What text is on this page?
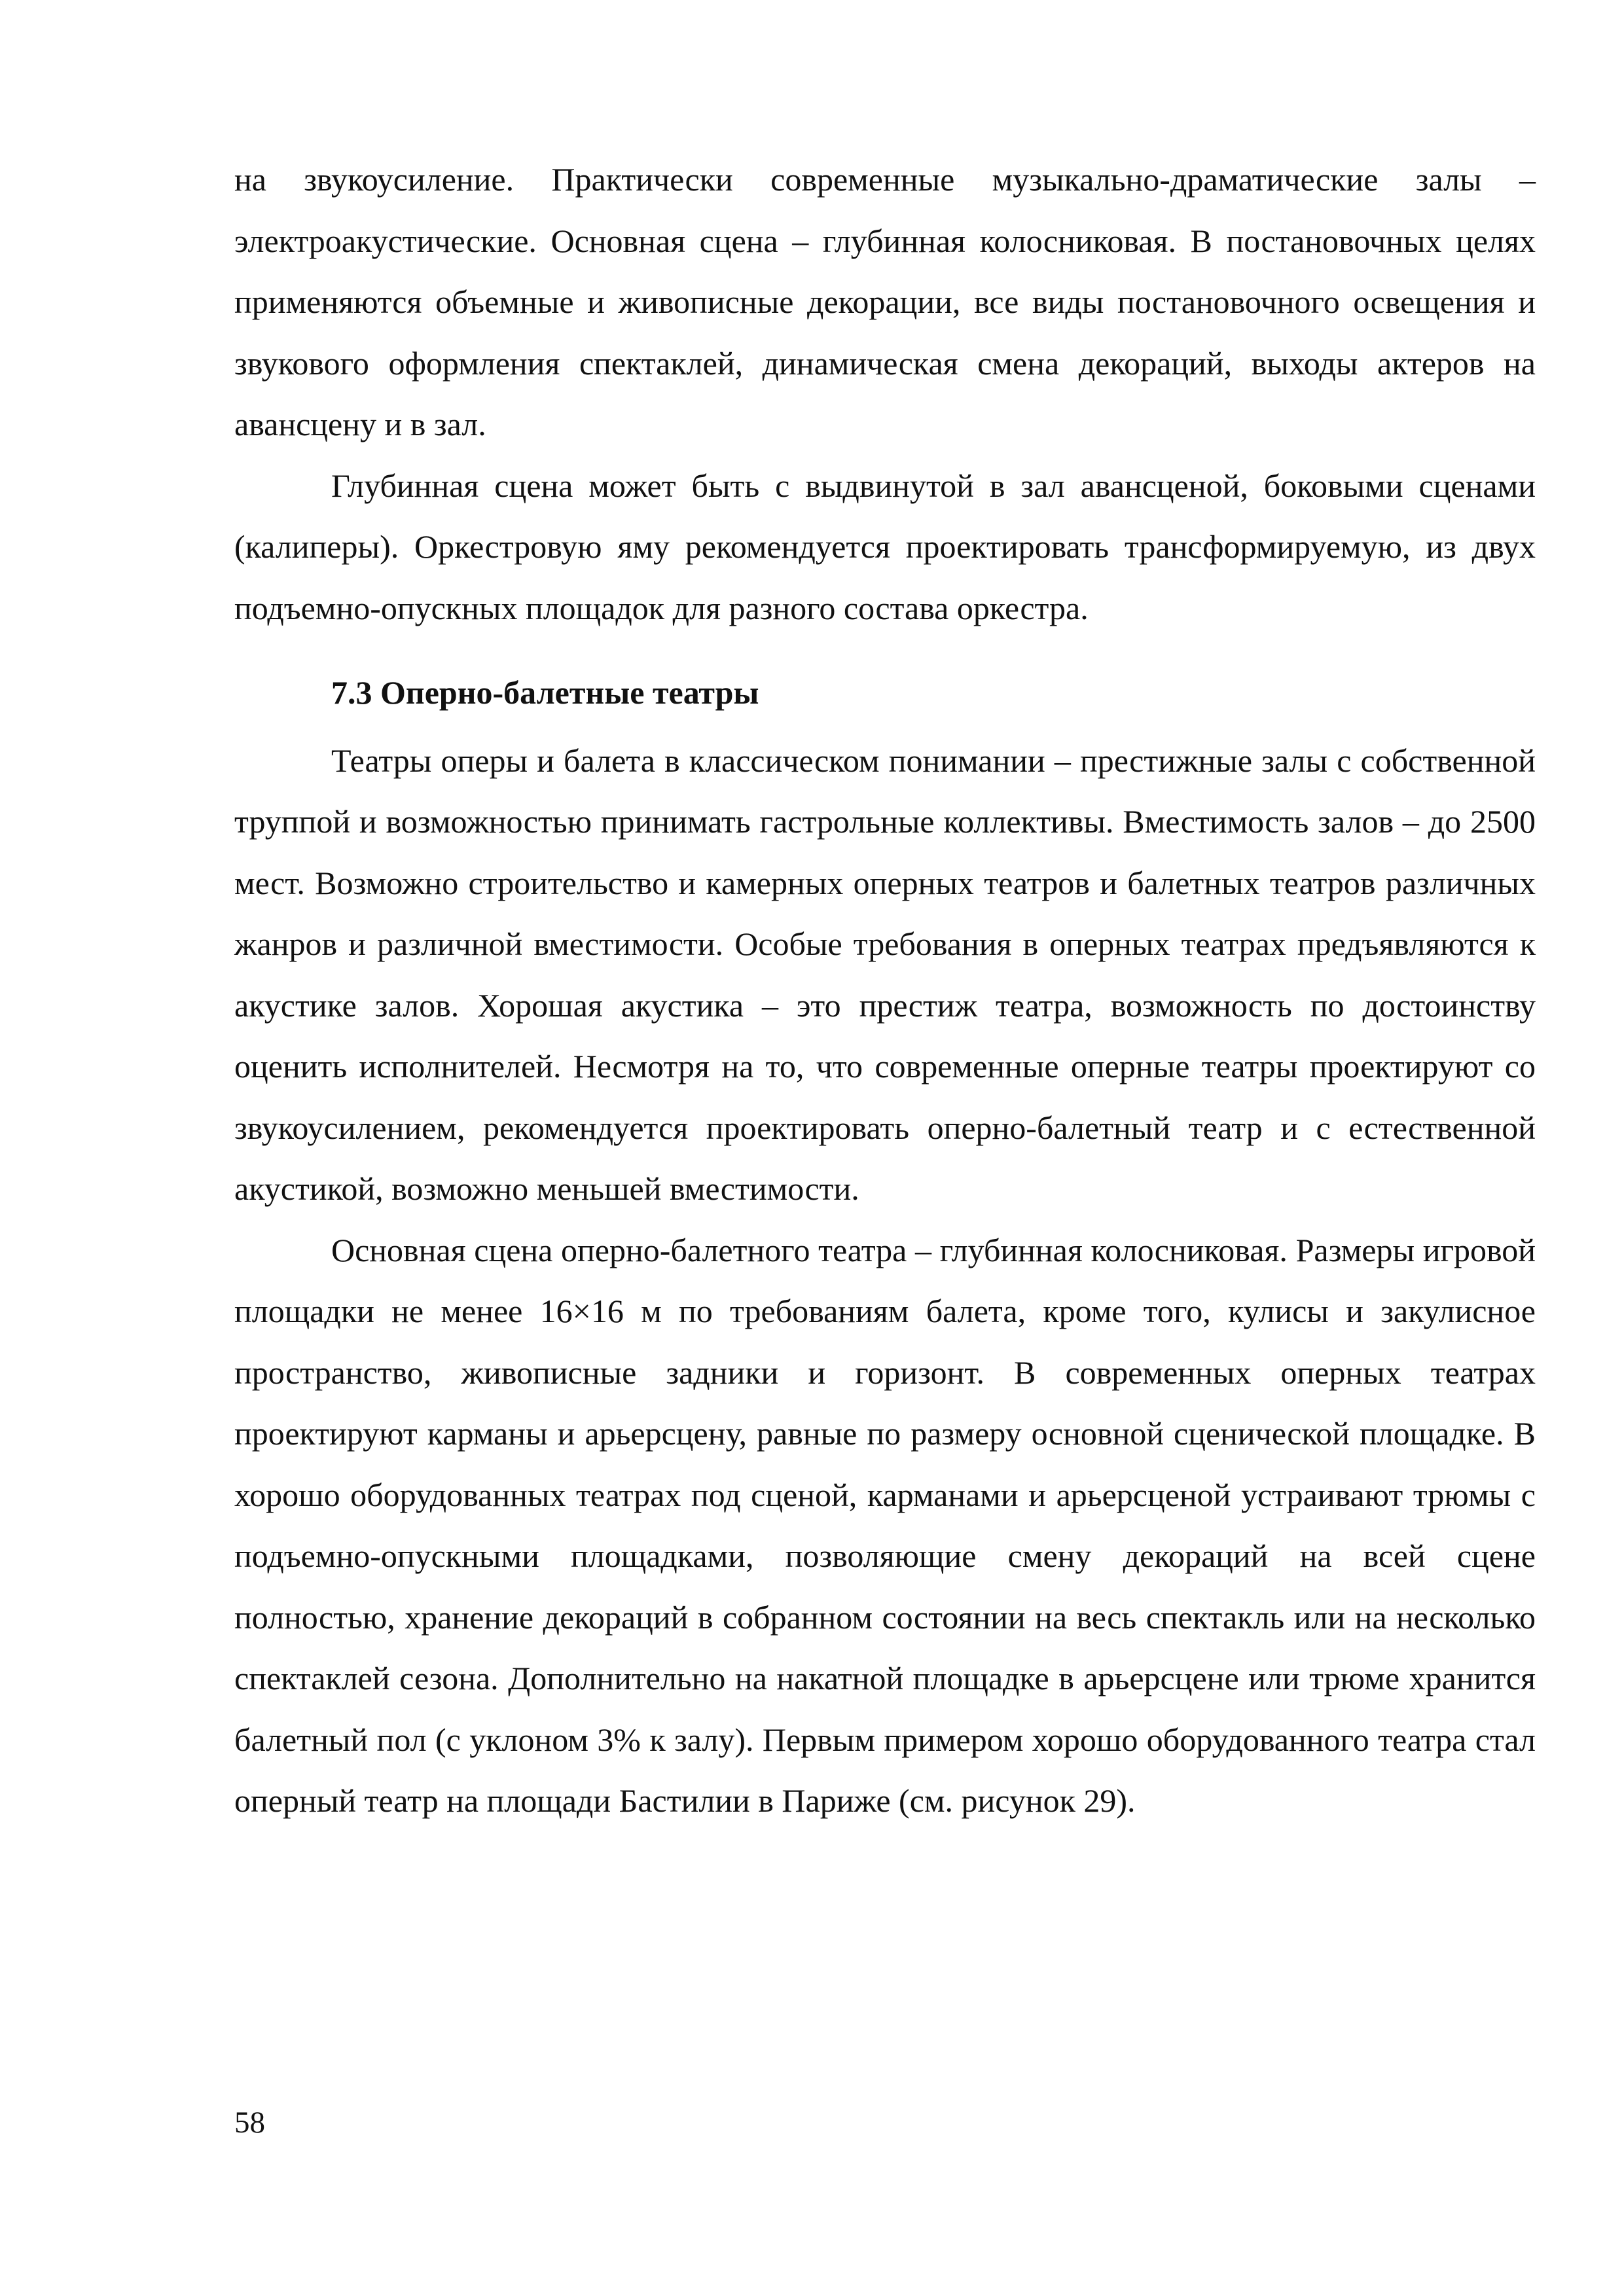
на звукоусиление. Практически современные музыкально-драматические залы – электроакустические. Основная сцена – глубинная колосниковая. В постановочных целях применяются объемные и живописные декорации, все виды постановочного освещения и звукового оформления спектаклей, динамическая смена декораций, выходы актеров на авансцену и в зал.

Глубинная сцена может быть с выдвинутой в зал авансценой, боковыми сценами (калиперы). Оркестровую яму рекомендуется проектировать трансформируемую, из двух подъемно-опускных площадок для разного состава оркестра.

7.3 Оперно-балетные театры

Театры оперы и балета в классическом понимании – престижные залы с собственной труппой и возможностью принимать гастрольные коллективы. Вместимость залов – до 2500 мест. Возможно строительство и камерных оперных театров и балетных театров различных жанров и различной вместимости. Особые требования в оперных театрах предъявляются к акустике залов. Хорошая акустика – это престиж театра, возможность по достоинству оценить исполнителей. Несмотря на то, что современные оперные театры проектируют со звукоусилением, рекомендуется проектировать оперно-балетный театр и с естественной акустикой, возможно меньшей вместимости.

Основная сцена оперно-балетного театра – глубинная колосниковая. Размеры игровой площадки не менее 16×16 м по требованиям балета, кроме того, кулисы и закулисное пространство, живописные задники и горизонт. В современных оперных театрах проектируют карманы и арьерсцену, равные по размеру основной сценической площадке. В хорошо оборудованных театрах под сценой, карманами и арьерсценой устраивают трюмы с подъемно-опускными площадками, позволяющие смену декораций на всей сцене полностью, хранение декораций в собранном состоянии на весь спектакль или на несколько спектаклей сезона. Дополнительно на накатной площадке в арьерсцене или трюме хранится балетный пол (с уклоном 3% к залу). Первым примером хорошо оборудованного театра стал оперный театр на площади Бастилии в Париже (см. рисунок 29).

58
